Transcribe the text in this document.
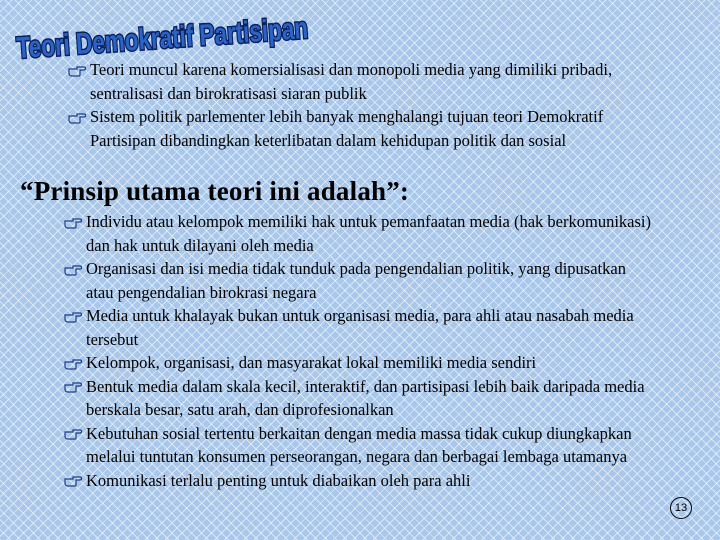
Teori Demokratif Partisipan
Teori muncul karena komersialisasi dan monopoli media yang dimiliki pribadi, sentralisasi dan birokratisasi siaran publik
Sistem politik parlementer lebih banyak menghalangi tujuan teori Demokratif Partisipan dibandingkan keterlibatan dalam kehidupan politik dan sosial
“Prinsip utama teori ini adalah”:
Individu atau kelompok memiliki hak untuk pemanfaatan media (hak berkomunikasi) dan hak untuk dilayani oleh media
Organisasi dan isi media tidak tunduk pada pengendalian politik, yang dipusatkan atau pengendalian birokrasi negara
Media untuk khalayak bukan untuk organisasi media, para ahli atau nasabah media tersebut
Kelompok, organisasi, dan masyarakat lokal memiliki media sendiri
Bentuk media dalam skala kecil, interaktif, dan partisipasi lebih baik daripada media berskala besar, satu arah, dan diprofesionalkan
Kebutuhan sosial tertentu berkaitan dengan media massa tidak cukup diungkapkan melalui tuntutan konsumen perseorangan, negara dan berbagai lembaga utamanya
Komunikasi terlalu penting untuk diabaikan oleh para ahli
13
